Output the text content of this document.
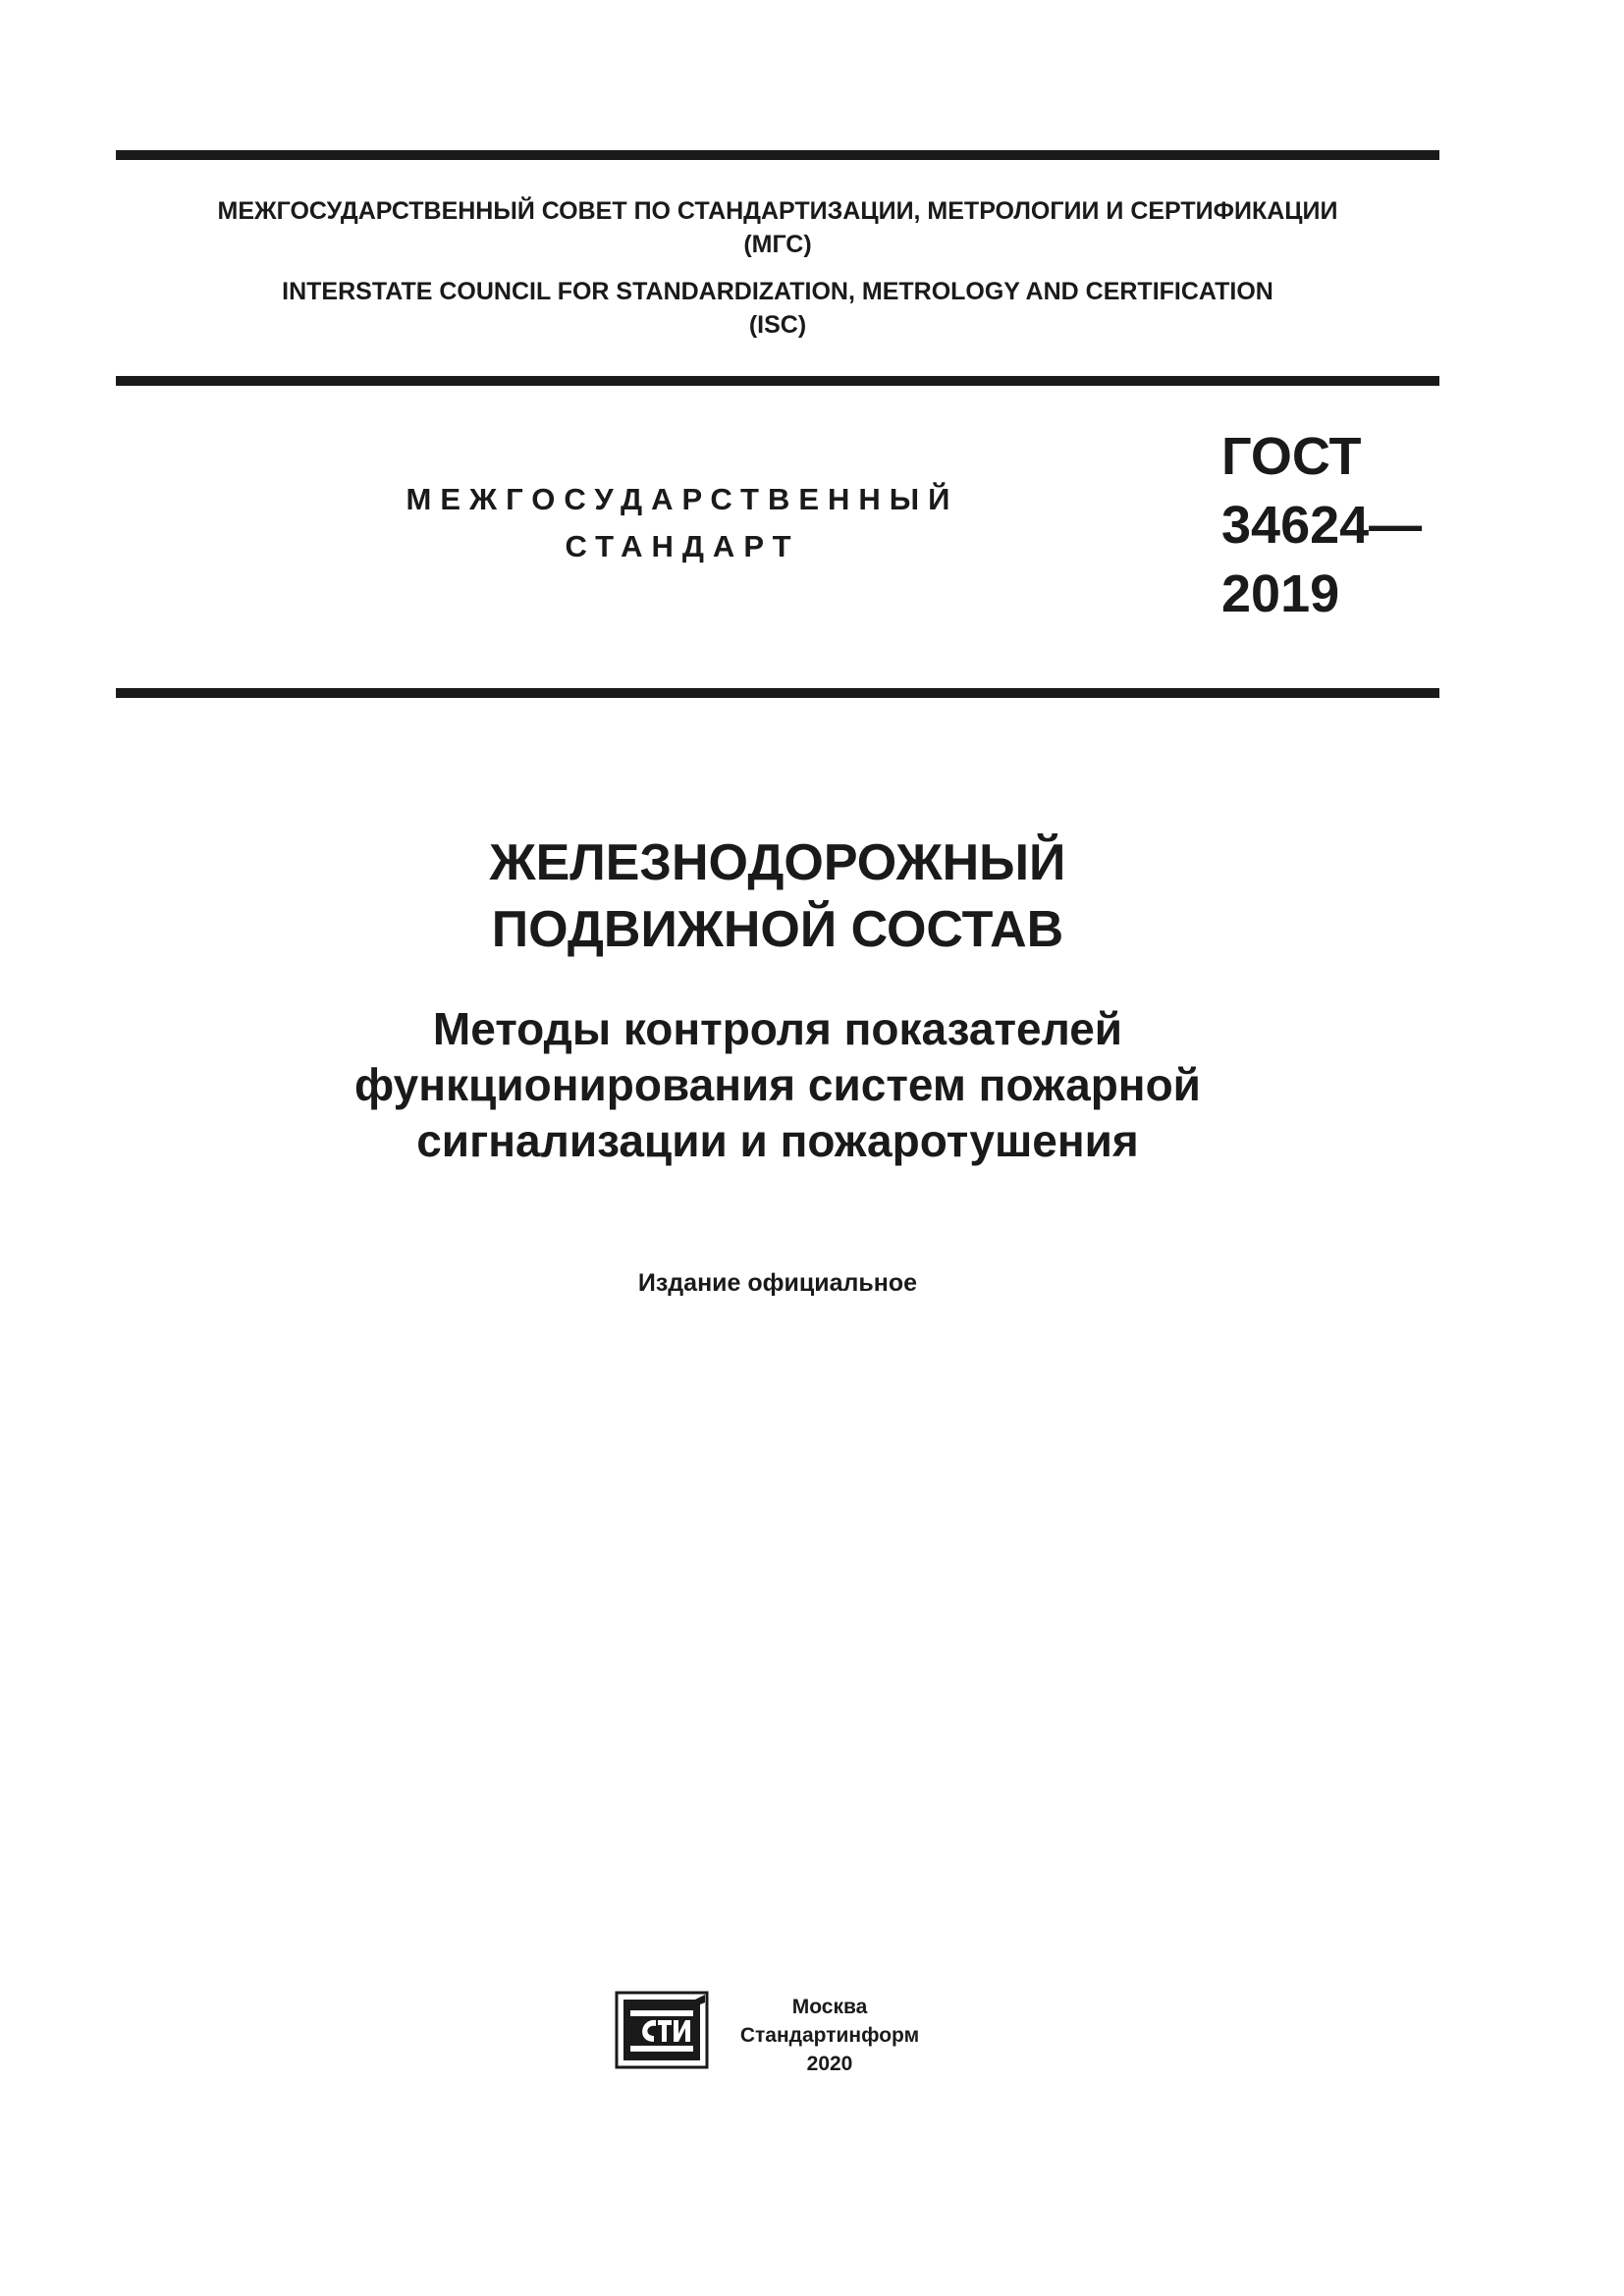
МЕЖГОСУДАРСТВЕННЫЙ СОВЕТ ПО СТАНДАРТИЗАЦИИ, МЕТРОЛОГИИ И СЕРТИФИКАЦИИ
(МГС)
INTERSTATE COUNCIL FOR STANDARDIZATION, METROLOGY AND CERTIFICATION
(ISC)
МЕЖГОСУДАРСТВЕННЫЙ
СТАНДАРТ
ГОСТ
34624—
2019
ЖЕЛЕЗНОДОРОЖНЫЙ
ПОДВИЖНОЙ СОСТАВ
Методы контроля показателей
функционирования систем пожарной
сигнализации и пожаротушения
Издание официальное
Москва
Стандартинформ
2020
